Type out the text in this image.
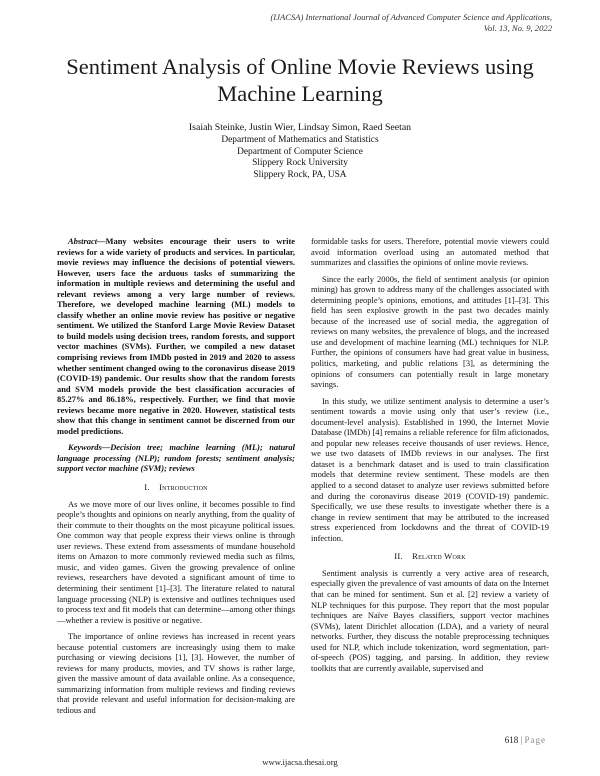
(IJACSA) International Journal of Advanced Computer Science and Applications,
Vol. 13, No. 9, 2022
Sentiment Analysis of Online Movie Reviews using Machine Learning
Isaiah Steinke, Justin Wier, Lindsay Simon, Raed Seetan
Department of Mathematics and Statistics
Department of Computer Science
Slippery Rock University
Slippery Rock, PA, USA

Abstract—Many websites encourage their users to write reviews for a wide variety of products and services. In particular, movie reviews may influence the decisions of potential viewers. However, users face the arduous tasks of summarizing the information in multiple reviews and determining the useful and relevant reviews among a very large number of reviews. Therefore, we developed machine learning (ML) models to classify whether an online movie review has positive or negative sentiment. We utilized the Stanford Large Movie Review Dataset to build models using decision trees, random forests, and support vector machines (SVMs). Further, we compiled a new dataset comprising reviews from IMDb posted in 2019 and 2020 to assess whether sentiment changed owing to the coronavirus disease 2019 (COVID-19) pandemic. Our results show that the random forests and SVM models provide the best classification accuracies of 85.27% and 86.18%, respectively. Further, we find that movie reviews became more negative in 2020. However, statistical tests show that this change in sentiment cannot be discerned from our model predictions.

Keywords—Decision tree; machine learning (ML); natural language processing (NLP); random forests; sentiment analysis; support vector machine (SVM); reviews

I. Introduction

As we move more of our lives online, it becomes possible to find people’s thoughts and opinions on nearly anything, from the quality of their commute to their thoughts on the most picayune political issues. One common way that people express their views online is through user reviews. These extend from assessments of mundane household items on Amazon to more commonly reviewed media such as films, music, and video games. Given the growing prevalence of online reviews, researchers have devoted a significant amount of time to determining their sentiment [1]–[3]. The literature related to natural language processing (NLP) is extensive and outlines techniques used to process text and fit models that can determine—among other things—whether a review is positive or negative.

The importance of online reviews has increased in recent years because potential customers are increasingly using them to make purchasing or viewing decisions [1], [3]. However, the number of reviews for many products, movies, and TV shows is rather large, given the massive amount of data available online. As a consequence, summarizing information from multiple reviews and finding reviews that provide relevant and useful information for decision-making are tedious and

formidable tasks for users. Therefore, potential movie viewers could avoid information overload using an automated method that summarizes and classifies the opinions of online movie reviews.

Since the early 2000s, the field of sentiment analysis (or opinion mining) has grown to address many of the challenges associated with determining people’s opinions, emotions, and attitudes [1]–[3]. This field has seen explosive growth in the past two decades mainly because of the increased use of social media, the aggregation of reviews on many websites, the prevalence of blogs, and the increased use and development of machine learning (ML) techniques for NLP. Further, the opinions of consumers have had great value in business, politics, marketing, and public relations [3], as determining the opinions of consumers can potentially result in large monetary savings.

In this study, we utilize sentiment analysis to determine a user’s sentiment towards a movie using only that user’s review (i.e., document-level analysis). Established in 1990, the Internet Movie Database (IMDb) [4] remains a reliable reference for film aficionados, and popular new releases receive thousands of user reviews. Hence, we use two datasets of IMDb reviews in our analyses. The first dataset is a benchmark dataset and is used to train classification models that determine review sentiment. These models are then applied to a second dataset to analyze user reviews submitted before and during the coronavirus disease 2019 (COVID-19) pandemic. Specifically, we use these results to investigate whether there is a change in review sentiment that may be attributed to the increased stress experienced from lockdowns and the threat of COVID-19 infection.

II. Related Work

Sentiment analysis is currently a very active area of research, especially given the prevalence of vast amounts of data on the Internet that can be mined for sentiment. Sun et al. [2] review a variety of NLP techniques for this purpose. They report that the most popular techniques are Naïve Bayes classifiers, support vector machines (SVMs), latent Dirichlet allocation (LDA), and a variety of neural networks. Further, they discuss the notable preprocessing techniques used for NLP, which include tokenization, word segmentation, part-of-speech (POS) tagging, and parsing. In addition, they review toolkits that are currently available, supervised and

618 | Page
www.ijacsa.thesai.org
